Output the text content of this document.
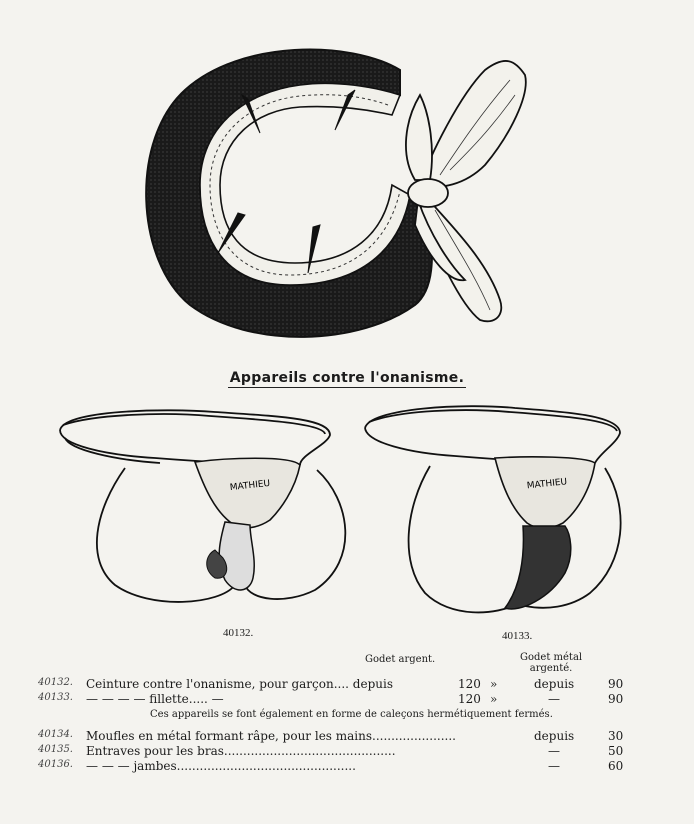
Appareils contre l'onanisme.
MATHIEU	MATHIEU
40132.	40133.
Godet argent.	Godet métal
argenté.
40132. Ceinture contre l'onanisme, pour garçon.... depuis	120 »	depuis	90
40133. — — — — fillette..... —	120 »	—	90
Ces appareils se font également en forme de caleçons hermétiquement fermés.
40134. Moufles en métal formant râpe, pour les mains......................	depuis	30
40135. Entraves pour les bras.............................................	—	50
40136. — — — jambes...............................................	—	60
